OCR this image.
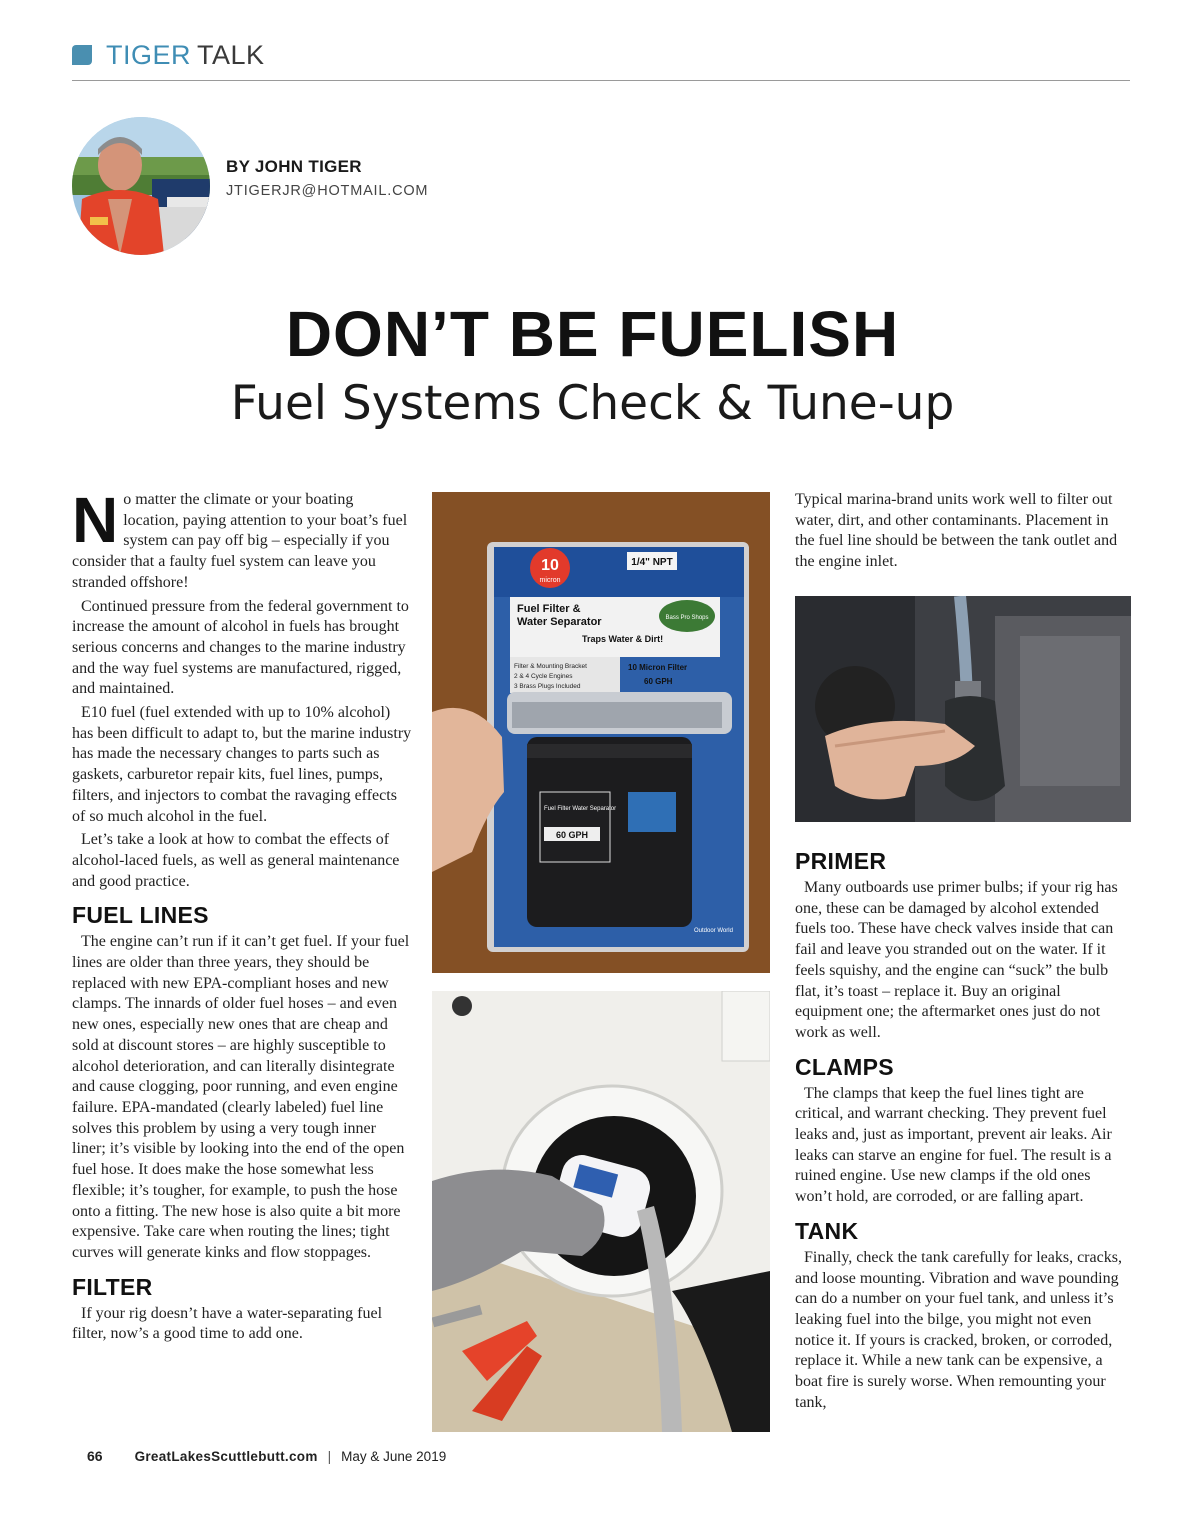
TIGER TALK
BY JOHN TIGER
JTIGERJR@HOTMAIL.COM
DON’T BE FUELISH
Fuel Systems Check & Tune-up

No matter the climate or your boating location, paying attention to your boat’s fuel system can pay off big – especially if you consider that a faulty fuel system can leave you stranded offshore!

Continued pressure from the federal government to increase the amount of alcohol in fuels has brought serious concerns and changes to the marine industry and the way fuel systems are manufactured, rigged, and maintained.

E10 fuel (fuel extended with up to 10% alcohol) has been difficult to adapt to, but the marine industry has made the necessary changes to parts such as gaskets, carburetor repair kits, fuel lines, pumps, filters, and injectors to combat the ravaging effects of so much alcohol in the fuel.

Let’s take a look at how to combat the effects of alcohol-laced fuels, as well as general maintenance and good practice.

FUEL LINES

The engine can’t run if it can’t get fuel. If your fuel lines are older than three years, they should be replaced with new EPA-compliant hoses and new clamps. The innards of older fuel hoses – and even new ones, especially new ones that are cheap and sold at discount stores – are highly susceptible to alcohol deterioration, and can literally disintegrate and cause clogging, poor running, and even engine failure. EPA-mandated (clearly labeled) fuel line solves this problem by using a very tough inner liner; it’s visible by looking into the end of the open fuel hose. It does make the hose somewhat less flexible; it’s tougher, for example, to push the hose onto a fitting. The new hose is also quite a bit more expensive. Take care when routing the lines; tight curves will generate kinks and flow stoppages.

FILTER

If your rig doesn’t have a water-separating fuel filter, now’s a good time to add one.

10
micron
1/4" NPT
Fuel Filter &
Water Separator	Bass Pro Shops
Traps Water & Dirt!
Filter & Mounting Bracket
2 & 4 Cycle Engines
3 Brass Plugs Included
10 Micron Filter
60 GPH
Fuel Filter Water Separator
60 GPH
Outdoor World

Typical marina-brand units work well to filter out water, dirt, and other contaminants. Placement in the fuel line should be between the tank outlet and the engine inlet.

PRIMER

Many outboards use primer bulbs; if your rig has one, these can be damaged by alcohol extended fuels too. These have check valves inside that can fail and leave you stranded out on the water. If it feels squishy, and the engine can “suck” the bulb flat, it’s toast – replace it. Buy an original equipment one; the aftermarket ones just do not work as well.

CLAMPS

The clamps that keep the fuel lines tight are critical, and warrant checking. They prevent fuel leaks and, just as important, prevent air leaks. Air leaks can starve an engine for fuel. The result is a ruined engine. Use new clamps if the old ones won’t hold, are corroded, or are falling apart.

TANK

Finally, check the tank carefully for leaks, cracks, and loose mounting. Vibration and wave pounding can do a number on your fuel tank, and unless it’s leaking fuel into the bilge, you might not even notice it. If yours is cracked, broken, or corroded, replace it. While a new tank can be expensive, a boat fire is surely worse. When remounting your tank,

66 GreatLakesScuttlebutt.com | May & June 2019
